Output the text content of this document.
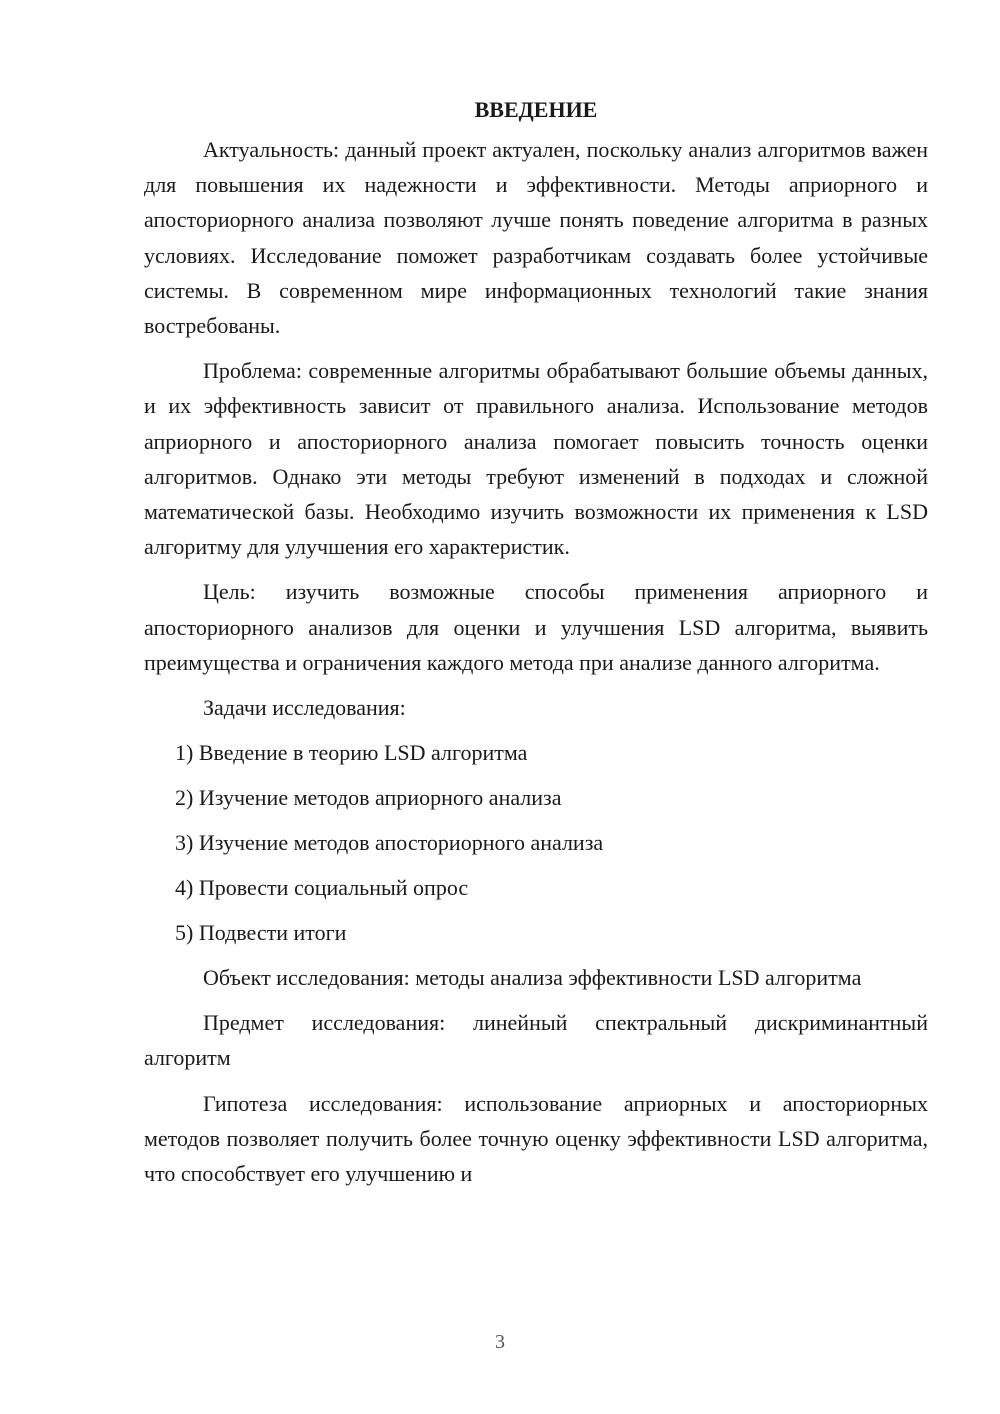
ВВЕДЕНИЕ

Актуальность: данный проект актуален, поскольку анализ алгоритмов важен для повышения их надежности и эффективности. Методы априорного и апосториорного анализа позволяют лучше понять поведение алгоритма в разных условиях. Исследование поможет разработчикам создавать более устойчивые системы. В современном мире информационных технологий такие знания востребованы.

Проблема: современные алгоритмы обрабатывают большие объемы данных, и их эффективность зависит от правильного анализа. Использование методов априорного и апосториорного анализа помогает повысить точность оценки алгоритмов. Однако эти методы требуют изменений в подходах и сложной математической базы. Необходимо изучить возможности их применения к LSD алгоритму для улучшения его характеристик.

Цель: изучить возможные способы применения априорного и апосториорного анализов для оценки и улучшения LSD алгоритма, выявить преимущества и ограничения каждого метода при анализе данного алгоритма.

Задачи исследования:

1) Введение в теорию LSD алгоритма
2) Изучение методов априорного анализа
3) Изучение методов апосториорного анализа
4) Провести социальный опрос
5) Подвести итоги

Объект исследования: методы анализа эффективности LSD алгоритма

Предмет исследования: линейный спектральный дискриминантный алгоритм

Гипотеза исследования: использование априорных и апосториорных методов позволяет получить более точную оценку эффективности LSD алгоритма, что способствует его улучшению и

3
